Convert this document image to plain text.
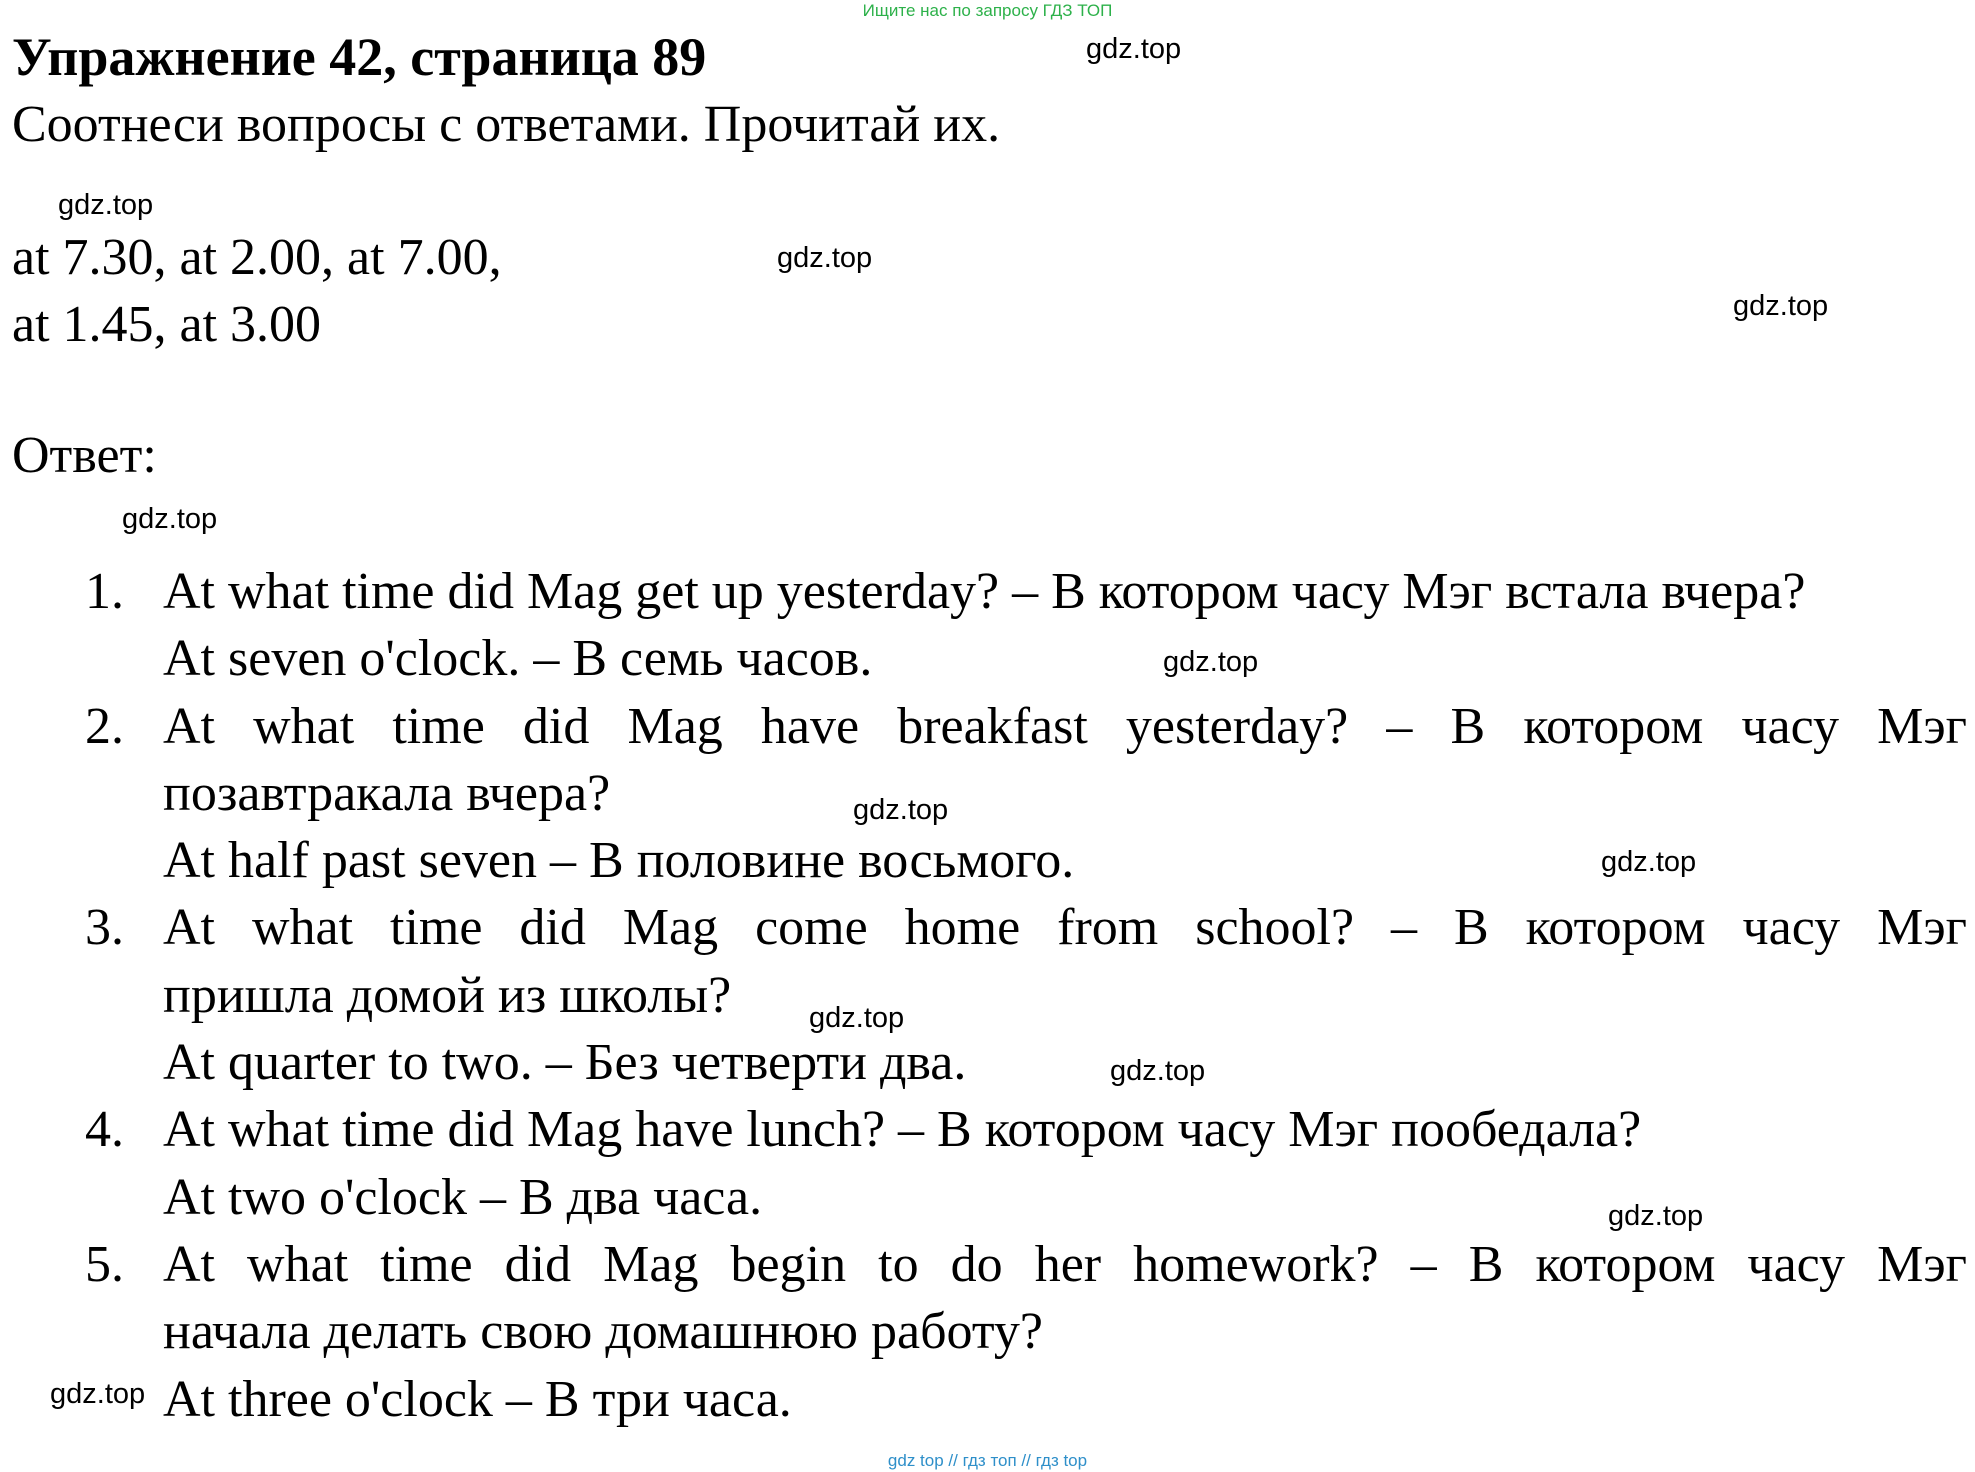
Ищите нас по запросу ГДЗ ТОП
Упражнение 42, страница 89
Соотнеси вопросы с ответами. Прочитай их.
at 7.30, at 2.00, at 7.00,
at 1.45, at 3.00
Ответ:
1. At what time did Mag get up yesterday? – В котором часу Мэг встала вчера?
At seven o'clock. – В семь часов.
2. At what time did Mag have breakfast yesterday? – В котором часу Мэг
позавтракала вчера?
At half past seven – В половине восьмого.
3. At what time did Mag come home from school? – В котором часу Мэг
пришла домой из школы?
At quarter to two. – Без четверти два.
4. At what time did Mag have lunch? – В котором часу Мэг пообедала?
At two o'clock – В два часа.
5. At what time did Mag begin to do her homework? – В котором часу Мэг
начала делать свою домашнюю работу?
At three o'clock – В три часа.
gdz.top
gdz.top
gdz.top
gdz.top
gdz.top
gdz.top
gdz.top
gdz.top
gdz.top
gdz.top
gdz.top
gdz.top
gdz top // гдз топ // гдз top
